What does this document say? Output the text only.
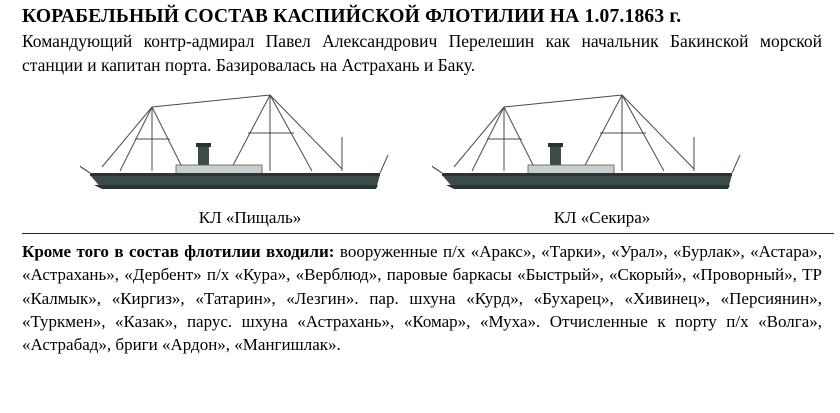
КОРАБЕЛЬНЫЙ СОСТАВ КАСПИЙСКОЙ ФЛОТИЛИИ НА 1.07.1863 г.

Командующий контр-адмирал Павел Александрович Перелешин как начальник Бакинской морской станции и капитан порта. Базировалась на Астрахань и Баку.

КЛ «Пищаль»	КЛ «Секира»

Кроме того в состав флотилии входили: вооруженные п/х «Аракс», «Тарки», «Урал», «Бурлак», «Астара», «Астрахань», «Дербент» п/х «Кура», «Верблюд», паровые баркасы «Быстрый», «Скорый», «Проворный», ТР «Калмык», «Киргиз», «Татарин», «Лезгин». пар. шхуна «Курд», «Бухарец», «Хивинец», «Персиянин», «Туркмен», «Казак», парус. шхуна «Астрахань», «Комар», «Муха». Отчисленные к порту п/х «Волга», «Астрабад», бриги «Ардон», «Мангишлак».
